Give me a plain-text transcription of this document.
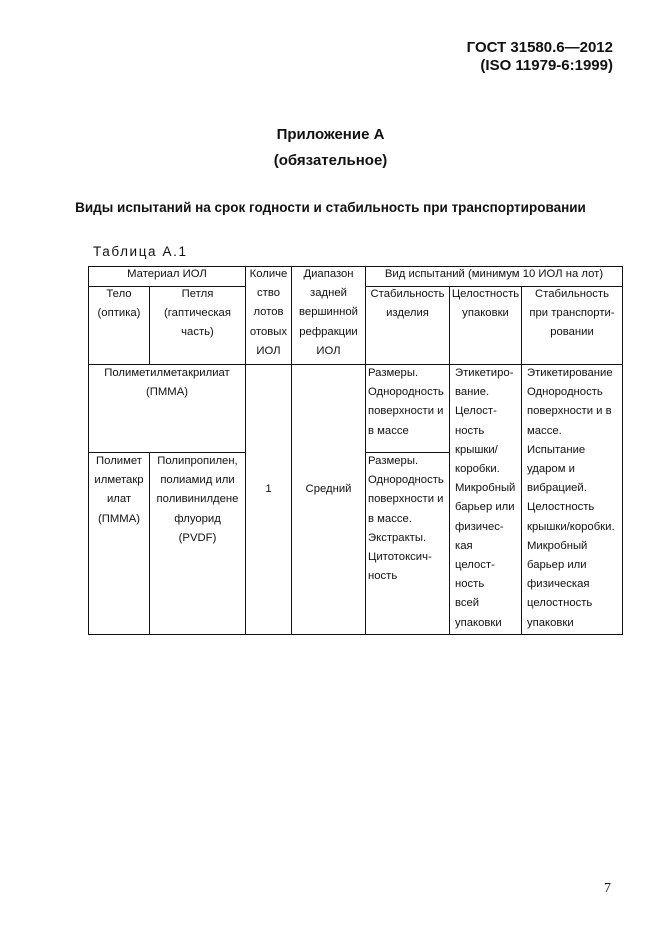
ГОСТ 31580.6—2012
(ISO 11979-6:1999)
Приложение А
(обязательное)
Виды испытаний на срок годности и стабильность при транспортировании
Таблица А.1
Материал ИОЛ	Количе
ство
лотов
отовых
ИОЛ
Диапазон
задней
вершинной
рефракции
ИОЛ
Вид испытаний (минимум 10 ИОЛ на лот)
Тело
(оптика)
Петля
(гаптическая
часть)
Стабильность
изделия
Целостность
упаковки
Стабильность
при транспорти-
ровании
Полиметилметакрилиат
(ПММА)
Размеры.
Однородность
поверхности и
в массе
Полимет
илметакр
илат
(ПММА)
Полипропилен,
полиамид или
поливинилдене
флуорид
(PVDF)
Размеры.
Однородность
поверхности и
в массе.
Экстракты.
Цитотоксич-
ность
1	Средний
Этикетиро-
вание.
Целост-
ность
крышки/
коробки.
Микробный
барьер или
физичес-
кая
целост-
ность
всей
упаковки
Этикетирование
Однородность
поверхности и в
массе.
Испытание
ударом и
вибрацией.
Целостность
крышки/коробки.
Микробный
барьер или
физическая
целостность
упаковки
7
